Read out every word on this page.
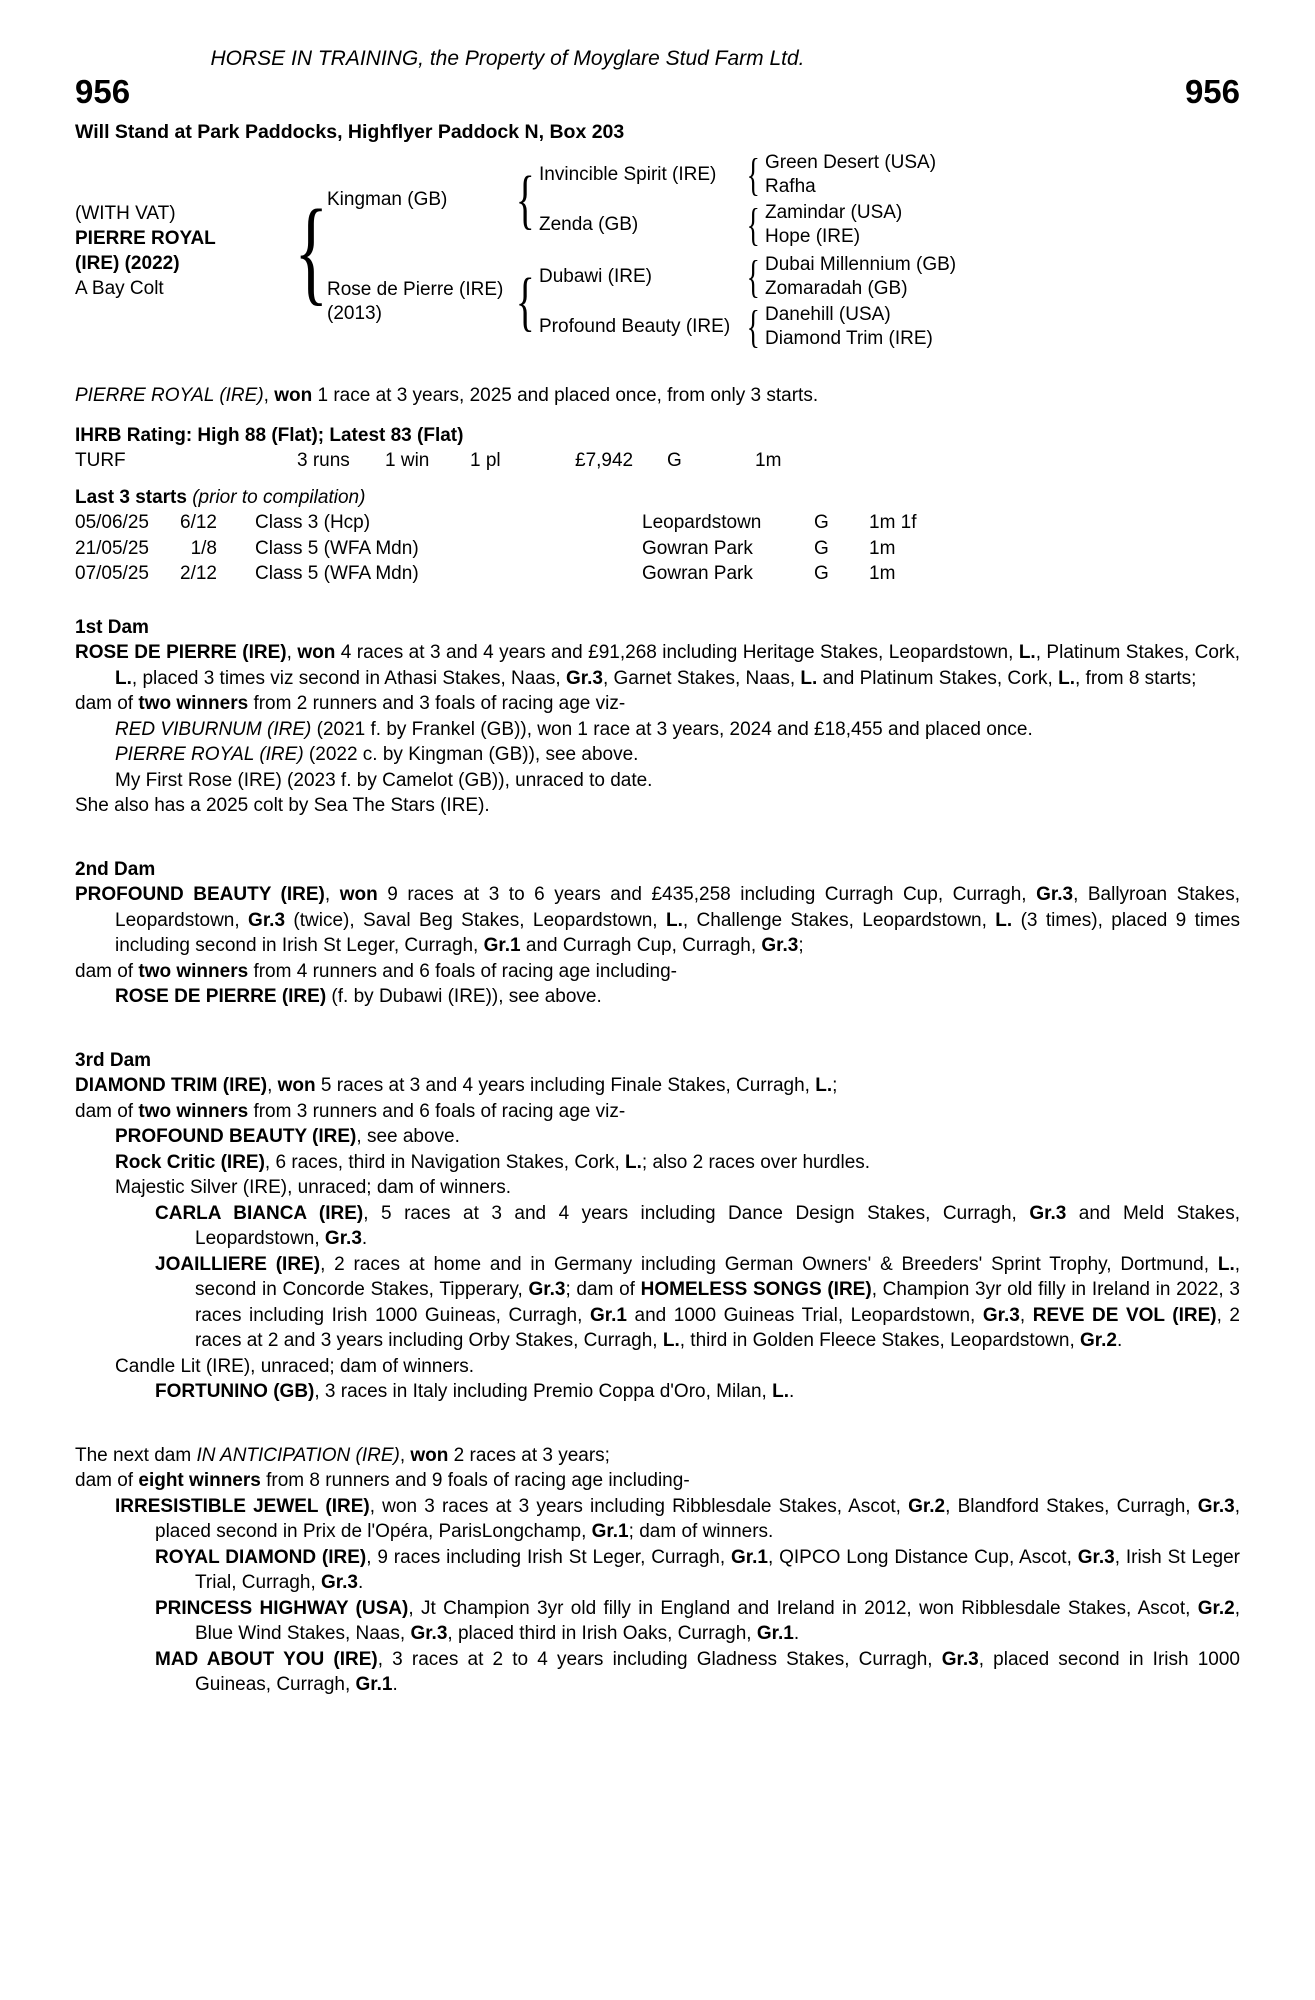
HORSE IN TRAINING, the Property of Moyglare Stud Farm Ltd.
956	956
Will Stand at Park Paddocks, Highflyer Paddock N, Box 203
(WITH VAT)
PIERRE ROYAL
(IRE) (2022)
A Bay Colt	{
Kingman (GB)	{ Invincible Spirit (IRE) { Green Desert (USA)
Rafha
Zenda (GB)	{ Zamindar (USA)
Hope (IRE)
Rose de Pierre (IRE)
(2013)	{ Dubawi (IRE)	{ Dubai Millennium (GB)
Zomaradah (GB)
Profound Beauty (IRE) { Danehill (USA)
Diamond Trim (IRE)

PIERRE ROYAL (IRE), won 1 race at 3 years, 2025 and placed once, from only 3 starts.

IHRB Rating: High 88 (Flat); Latest 83 (Flat)
TURF	3 runs	1 win	1 pl	£7,942	G	1m
Last 3 starts (prior to compilation)
05/06/25	6/12	Class 3 (Hcp)	Leopardstown	G	1m 1f
21/05/25	1/8	Class 5 (WFA Mdn)	Gowran Park	G	1m
07/05/25	2/12	Class 5 (WFA Mdn)	Gowran Park	G	1m
1st Dam

ROSE DE PIERRE (IRE), won 4 races at 3 and 4 years and £91,268 including Heritage Stakes, Leopardstown, L., Platinum Stakes, Cork, L., placed 3 times viz second in Athasi Stakes, Naas, Gr.3, Garnet Stakes, Naas, L. and Platinum Stakes, Cork, L., from 8 starts;

dam of two winners from 2 runners and 3 foals of racing age viz-

RED VIBURNUM (IRE) (2021 f. by Frankel (GB)), won 1 race at 3 years, 2024 and £18,455 and placed once.

PIERRE ROYAL (IRE) (2022 c. by Kingman (GB)), see above.

My First Rose (IRE) (2023 f. by Camelot (GB)), unraced to date.

She also has a 2025 colt by Sea The Stars (IRE).

2nd Dam

PROFOUND BEAUTY (IRE), won 9 races at 3 to 6 years and £435,258 including Curragh Cup, Curragh, Gr.3, Ballyroan Stakes, Leopardstown, Gr.3 (twice), Saval Beg Stakes, Leopardstown, L., Challenge Stakes, Leopardstown, L. (3 times), placed 9 times including second in Irish St Leger, Curragh, Gr.1 and Curragh Cup, Curragh, Gr.3;

dam of two winners from 4 runners and 6 foals of racing age including-

ROSE DE PIERRE (IRE) (f. by Dubawi (IRE)), see above.

3rd Dam

DIAMOND TRIM (IRE), won 5 races at 3 and 4 years including Finale Stakes, Curragh, L.;

dam of two winners from 3 runners and 6 foals of racing age viz-

PROFOUND BEAUTY (IRE), see above.

Rock Critic (IRE), 6 races, third in Navigation Stakes, Cork, L.; also 2 races over hurdles.

Majestic Silver (IRE), unraced; dam of winners.

CARLA BIANCA (IRE), 5 races at 3 and 4 years including Dance Design Stakes, Curragh, Gr.3 and Meld Stakes, Leopardstown, Gr.3.

JOAILLIERE (IRE), 2 races at home and in Germany including German Owners' & Breeders' Sprint Trophy, Dortmund, L., second in Concorde Stakes, Tipperary, Gr.3; dam of HOMELESS SONGS (IRE), Champion 3yr old filly in Ireland in 2022, 3 races including Irish 1000 Guineas, Curragh, Gr.1 and 1000 Guineas Trial, Leopardstown, Gr.3, REVE DE VOL (IRE), 2 races at 2 and 3 years including Orby Stakes, Curragh, L., third in Golden Fleece Stakes, Leopardstown, Gr.2.

Candle Lit (IRE), unraced; dam of winners.

FORTUNINO (GB), 3 races in Italy including Premio Coppa d'Oro, Milan, L..

The next dam IN ANTICIPATION (IRE), won 2 races at 3 years;

dam of eight winners from 8 runners and 9 foals of racing age including-

IRRESISTIBLE JEWEL (IRE), won 3 races at 3 years including Ribblesdale Stakes, Ascot, Gr.2, Blandford Stakes, Curragh, Gr.3, placed second in Prix de l'Opéra, ParisLongchamp, Gr.1; dam of winners.

ROYAL DIAMOND (IRE), 9 races including Irish St Leger, Curragh, Gr.1, QIPCO Long Distance Cup, Ascot, Gr.3, Irish St Leger Trial, Curragh, Gr.3.

PRINCESS HIGHWAY (USA), Jt Champion 3yr old filly in England and Ireland in 2012, won Ribblesdale Stakes, Ascot, Gr.2, Blue Wind Stakes, Naas, Gr.3, placed third in Irish Oaks, Curragh, Gr.1.

MAD ABOUT YOU (IRE), 3 races at 2 to 4 years including Gladness Stakes, Curragh, Gr.3, placed second in Irish 1000 Guineas, Curragh, Gr.1.
